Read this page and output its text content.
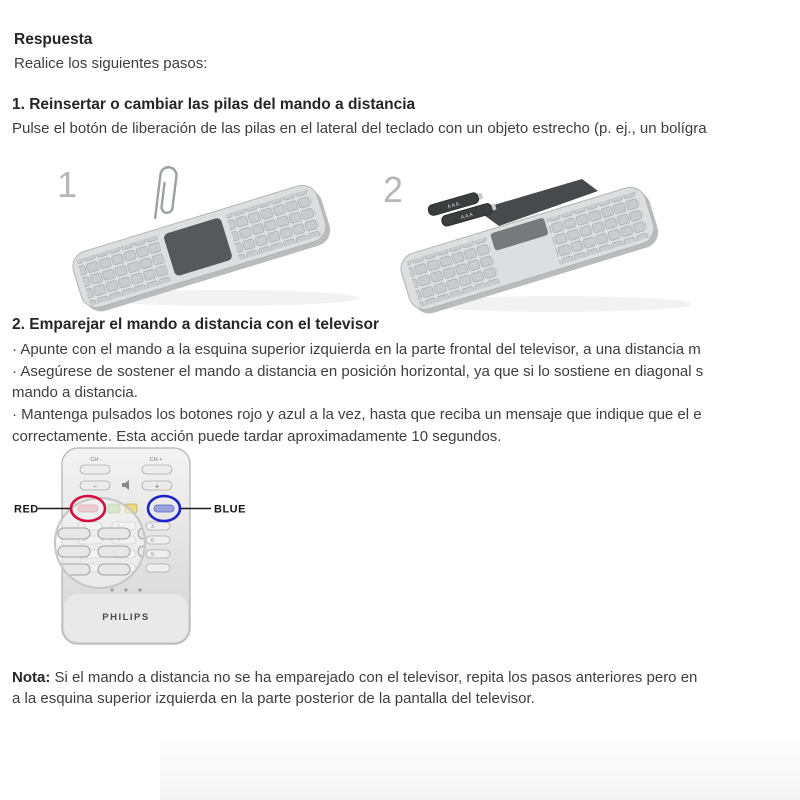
Respuesta
Realice los siguientes pasos:
1. Reinsertar o cambiar las pilas del mando a distancia
Pulse el botón de liberación de las pilas en el lateral del teclado con un objeto estrecho (p. ej., un bolígra
1	2	AAA
AAA
2. Emparejar el mando a distancia con el televisor
· Apunte con el mando a la esquina superior izquierda en la parte frontal del televisor, a una distancia m
· Asegúrese de sostener el mando a distancia en posición horizontal, ya que si lo sostiene en diagonal s
mando a distancia.
· Mantenga pulsados los botones rojo y azul a la vez, hasta que reciba un mensaje que indique que el e
correctamente. Esta acción puede tardar aproximadamente 10 segundos.
CH -	CH +
−	+
3
6
9
RED	BLUE
PHILIPS
Nota: Si el mando a distancia no se ha emparejado con el televisor, repita los pasos anteriores pero en
a la esquina superior izquierda en la parte posterior de la pantalla del televisor.
